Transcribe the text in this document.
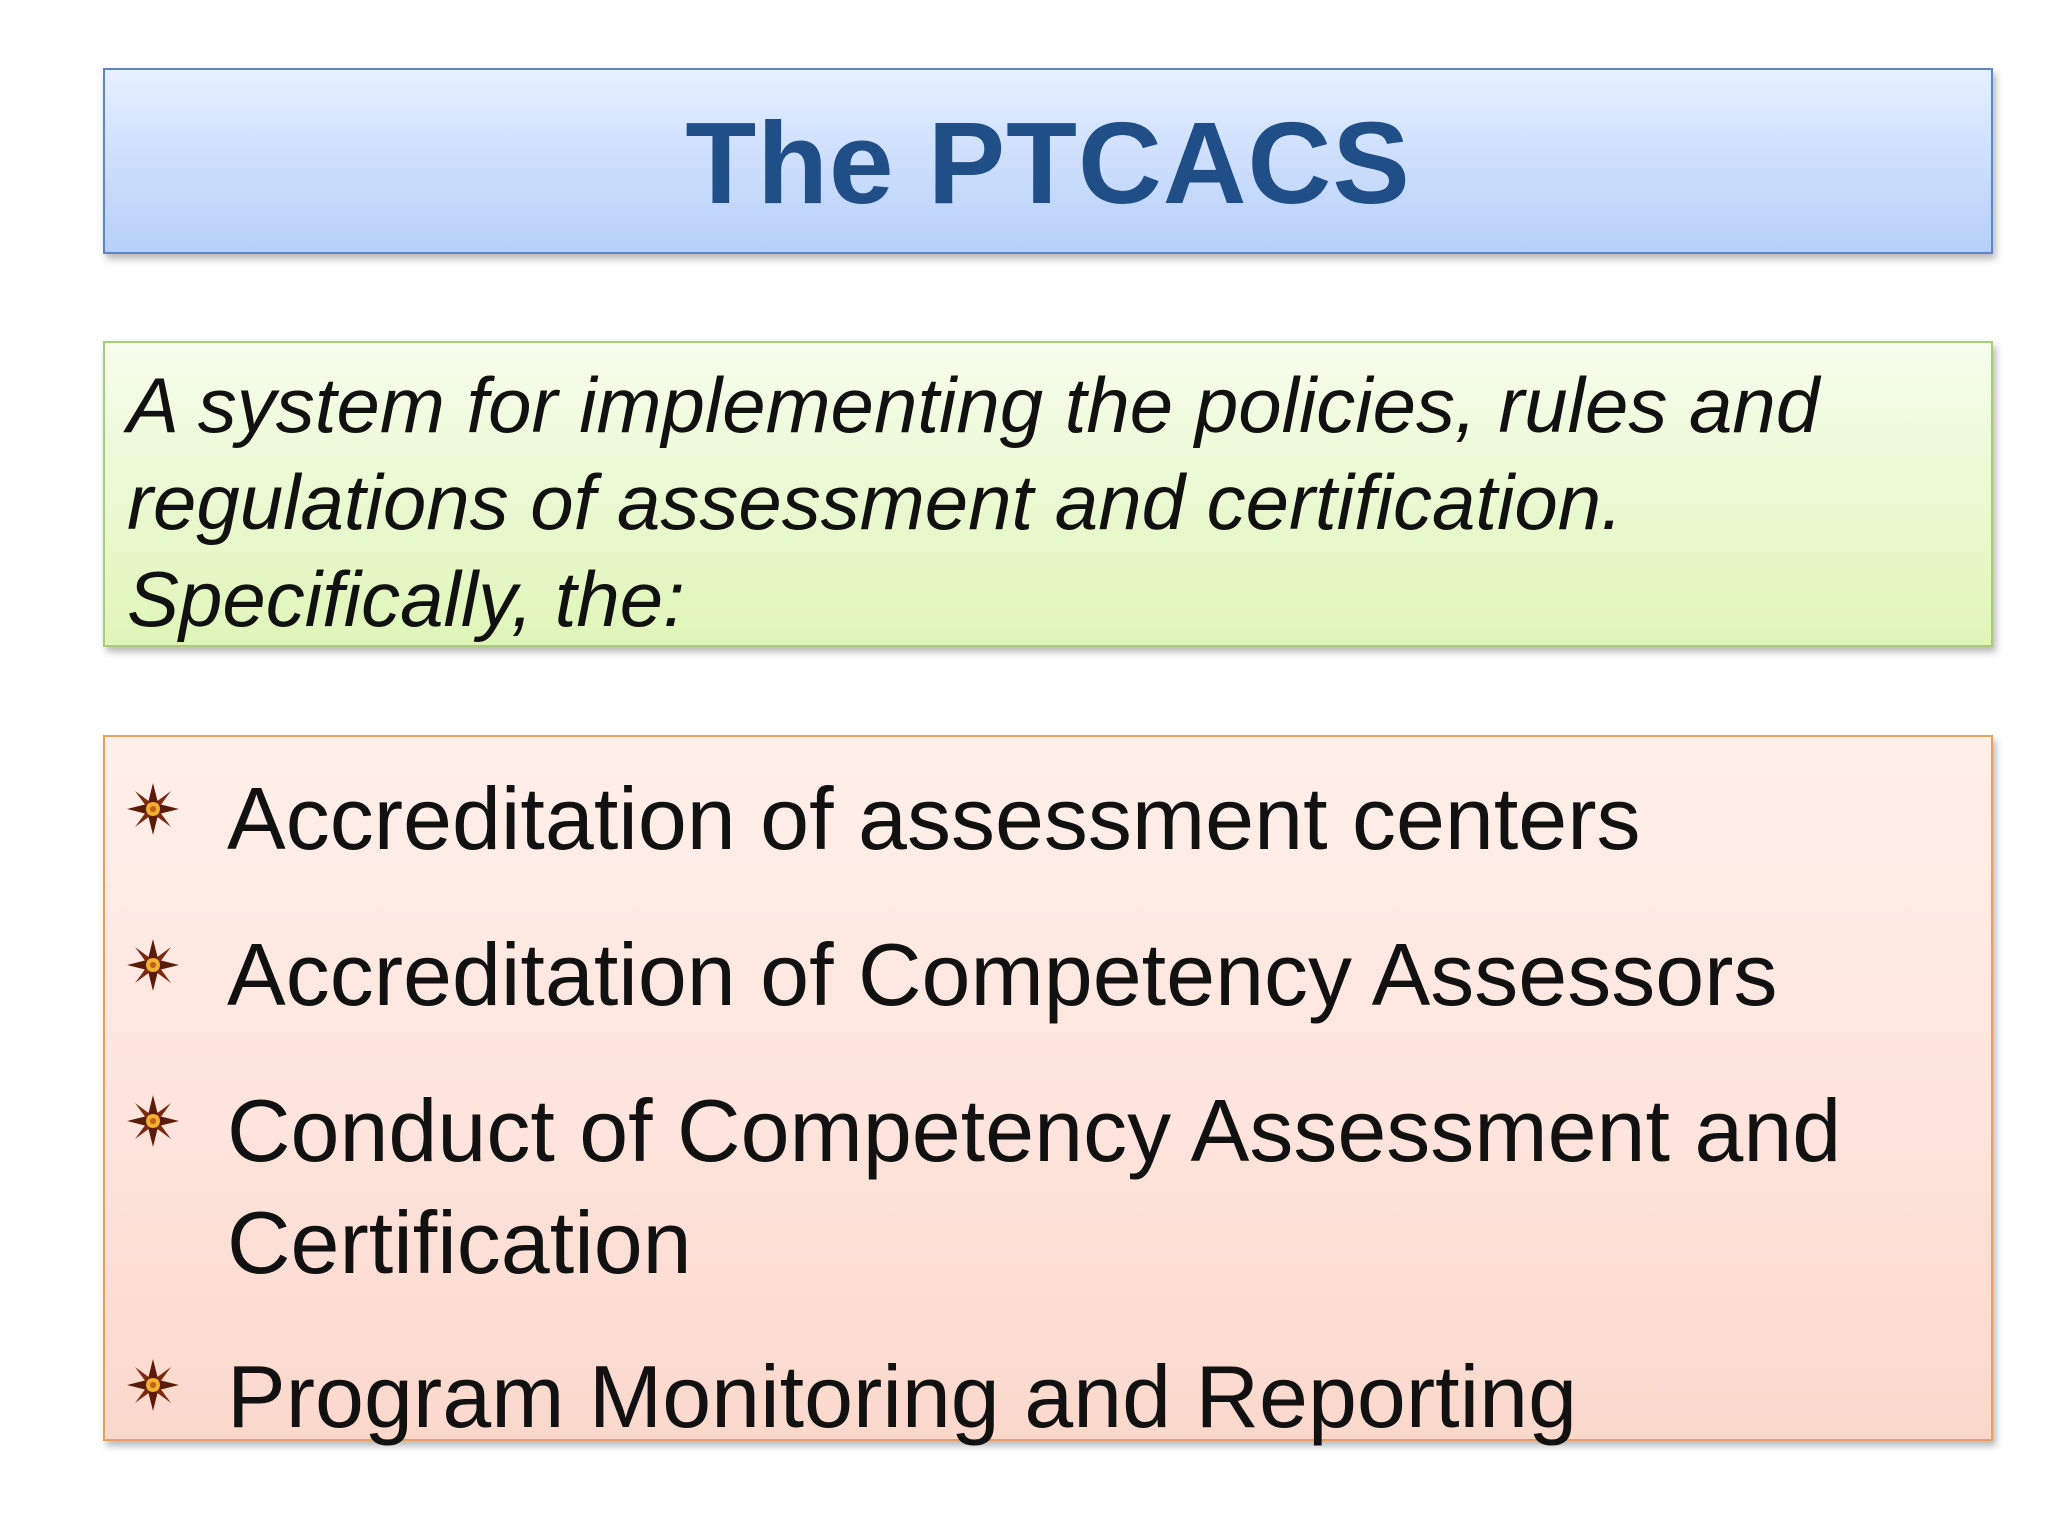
The PTCACS

A system for implementing the policies, rules and
regulations of assessment and certification.
Specifically, the:

Accreditation of assessment centers
Accreditation of Competency Assessors
Conduct of Competency Assessment and
Certification
Program Monitoring and Reporting
